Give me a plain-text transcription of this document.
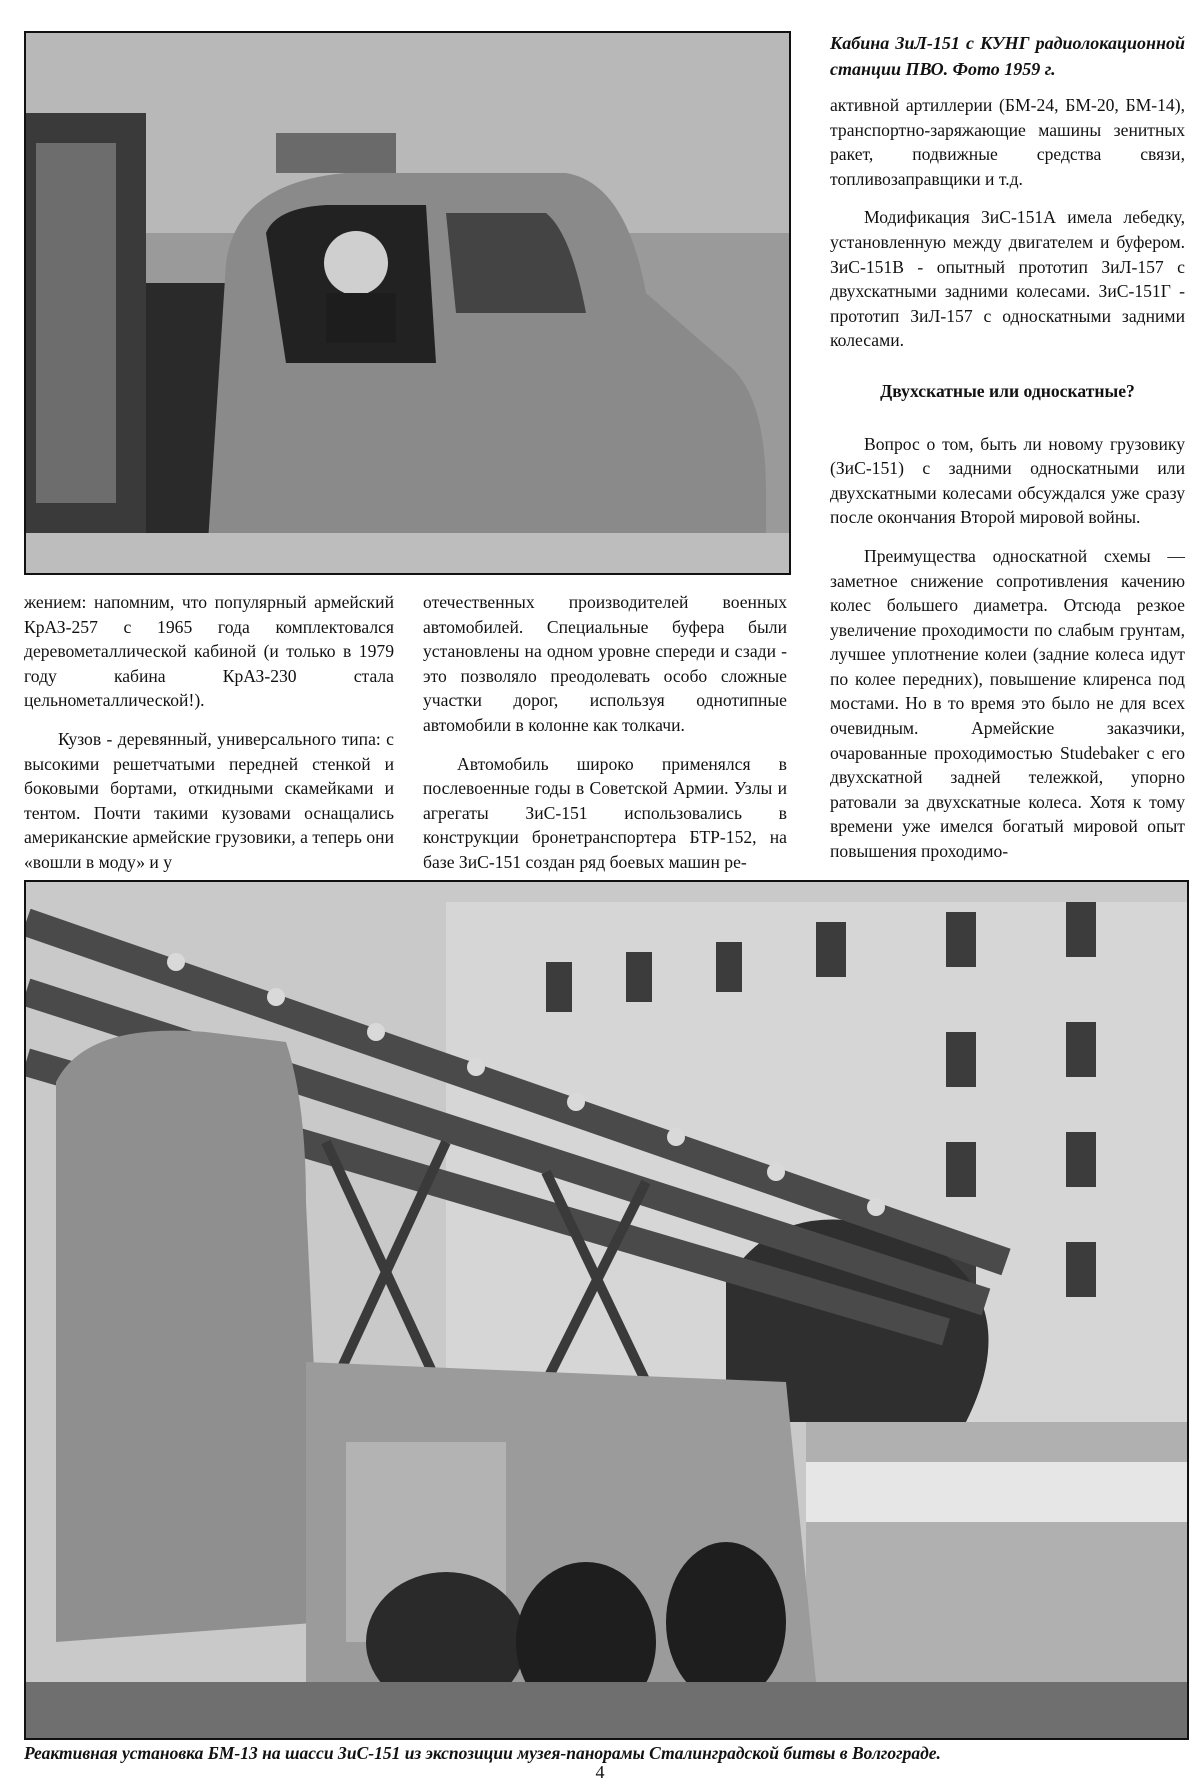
Кабина ЗиЛ-151 с КУНГ радиолокационной станции ПВО. Фото 1959 г.

активной артиллерии (БМ-24, БМ-20, БМ-14), транспортно-заряжающие машины зенитных ракет, подвижные средства связи, топливозаправщики и т.д.

Модификация ЗиС-151А имела лебедку, установленную между двигателем и буфером. ЗиС-151В - опытный прототип ЗиЛ-157 с двухскатными задними колесами. ЗиС-151Г - прототип ЗиЛ-157 с односкатными задними колесами.

Двухскатные или односкатные?

Вопрос о том, быть ли новому грузовику (ЗиС-151) с задними односкатными или двухскатными колесами обсуждался уже сразу после окончания Второй мировой войны.

Преимущества односкатной схемы — заметное снижение сопротивления качению колес большего диаметра. Отсюда резкое увеличение проходимости по слабым грунтам, лучшее уплотнение колеи (задние колеса идут по колее передних), повышение клиренса под мостами. Но в то время это было не для всех очевидным. Армейские заказчики, очарованные проходимостью Studebaker с его двухскатной задней тележкой, упорно ратовали за двухскатные колеса. Хотя к тому времени уже имелся богатый мировой опыт повышения проходимо-

жением: напомним, что популярный армейский КрАЗ-257 с 1965 года комплектовался деревометаллической кабиной (и только в 1979 году кабина КрАЗ-230 стала цельнометаллической!).

Кузов - деревянный, универсального типа: с высокими решетчатыми передней стенкой и боковыми бортами, откидными скамейками и тентом. Почти такими кузовами оснащались американские армейские грузовики, а теперь они «вошли в моду» и у

отечественных производителей военных автомобилей. Специальные буфера были установлены на одном уровне спереди и сзади - это позволяло преодолевать особо сложные участки дорог, используя однотипные автомобили в колонне как толкачи.

Автомобиль широко применялся в послевоенные годы в Советской Армии. Узлы и агрегаты ЗиС-151 использовались в конструкции бронетранспортера БТР-152, на базе ЗиС-151 создан ряд боевых машин ре-

Реактивная установка БМ-13 на шасси ЗиС-151 из экспозиции музея-панорамы Сталинградской битвы в Волгограде.
4
